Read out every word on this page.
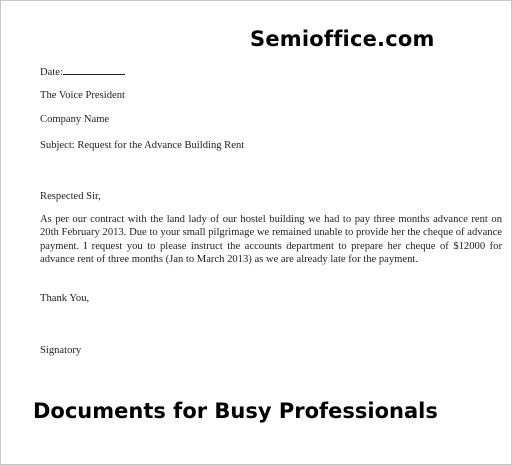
Semioffice.com
Date:
The Voice President
Company Name
Subject: Request for the Advance Building Rent
Respected Sir,
As per our contract with the land lady of our hostel building we had to pay three months advance rent on 20th February 2013. Due to your small pilgrimage we remained unable to provide her the cheque of advance payment. I request you to please instruct the accounts department to prepare her cheque of $12000 for advance rent of three months (Jan to March 2013) as we are already late for the payment.
Thank You,
Signatory
Documents for Busy Professionals
